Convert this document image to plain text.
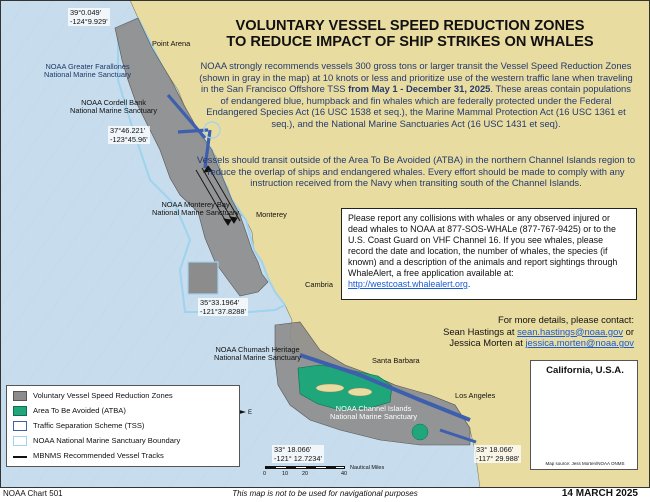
VOLUNTARY VESSEL SPEED REDUCTION ZONES
TO REDUCE IMPACT OF SHIP STRIKES ON WHALES
NOAA strongly recommends vessels 300 gross tons or larger transit the Vessel Speed Reduction Zones (shown in gray in the map) at 10 knots or less and prioritize use of the western traffic lane when traveling in the San Francisco Offshore TSS from May 1 - December 31, 2025. These areas contain populations of endangered blue, humpback and fin whales which are federally protected under the Federal Endangered Species Act (16 USC 1538 et seq.), the Marine Mammal Protection Act (16 USC 1361 et seq.), and the National Marine Sanctuaries Act (16 USC 1431 et seq).
Vessels should transit outside of the Area To Be Avoided (ATBA) in the northern Channel Islands region to reduce the overlap of ships and endangered whales. Every effort should be made to comply with any instruction received from the Navy when transiting south of the Channel Islands.
Please report any collisions with whales or any observed injured or dead whales to NOAA at 877-SOS-WHALe (877-767-9425) or to the U.S. Coast Guard on VHF Channel 16. If you see whales, please record the date and location, the number of whales, the species (if known) and a description of the animals and report sightings through WhaleAlert, a free application available at: http://westcoast.whalealert.org.
For more details, please contact:
Sean Hastings at sean.hastings@noaa.gov or
Jessica Morten at jessica.morten@noaa.gov
Point Arena
NOAA Greater Farallones
National Marine Sanctuary
NOAA Cordell Bank
National Marine Sanctuary
NOAA Monterey Bay
National Marine Sanctuary Monterey
Cambria
NOAA Chumash Heritage
National Marine Sanctuary	Santa Barbara
Los Angeles
NOAA Channel Islands
National Marine Sanctuary
39°0.049'
-124°9.929'
37°46.221'
-123°45.96'
35°33.1964'
-121°37.8288'
33° 18.066'
-121° 12.7234'
33° 18.066'
-117° 29.988'
E
Voluntary Vessel Speed Reduction Zones
Area To Be Avoided (ATBA)
Traffic Separation Scheme (TSS)
NOAA National Marine Sanctuary Boundary
MBNMS Recommended Vessel Tracks
0	10	20	40
Nautical Miles
California, U.S.A.
Map source: Jess Morten/NOAA ONMS
NOAA Chart 501	This map is not to be used for navigational purposes	14 MARCH 2025
